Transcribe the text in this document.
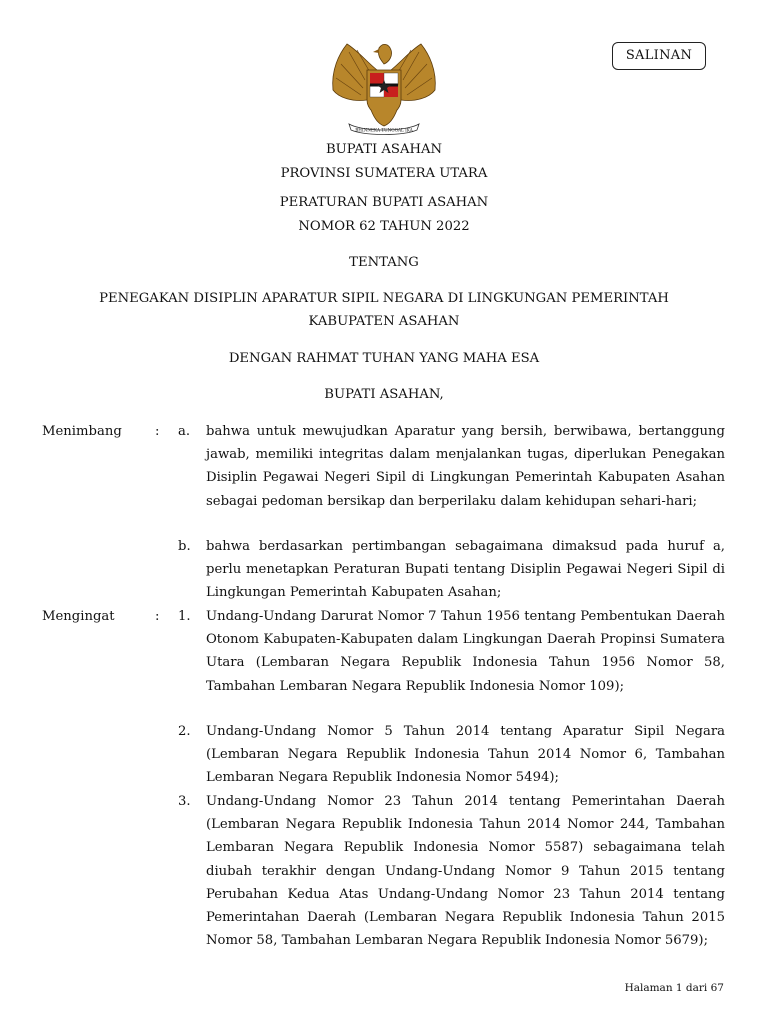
BHINNEKA TUNGGAL IKA
SALINAN
BUPATI ASAHAN
PROVINSI SUMATERA UTARA
PERATURAN BUPATI ASAHAN
NOMOR 62 TAHUN 2022
TENTANG
PENEGAKAN DISIPLIN APARATUR SIPIL NEGARA DI LINGKUNGAN PEMERINTAH
KABUPATEN ASAHAN
DENGAN RAHMAT TUHAN YANG MAHA ESA
BUPATI ASAHAN,
Menimbang	: a. bahwa untuk mewujudkan Aparatur yang bersih, berwibawa, bertanggung jawab, memiliki integritas dalam menjalankan tugas, diperlukan Penegakan Disiplin Pegawai Negeri Sipil di Lingkungan Pemerintah Kabupaten Asahan sebagai pedoman bersikap dan berperilaku dalam kehidupan sehari-hari;

b. bahwa berdasarkan pertimbangan sebagaimana dimaksud pada huruf a, perlu menetapkan Peraturan Bupati tentang Disiplin Pegawai Negeri Sipil di Lingkungan Pemerintah Kabupaten Asahan;

Mengingat	: 1. Undang-Undang Darurat Nomor 7 Tahun 1956 tentang Pembentukan Daerah Otonom Kabupaten-Kabupaten dalam Lingkungan Daerah Propinsi Sumatera Utara (Lembaran Negara Republik Indonesia Tahun 1956 Nomor 58, Tambahan Lembaran Negara Republik Indonesia Nomor 109);

2. Undang-Undang Nomor 5 Tahun 2014 tentang Aparatur Sipil Negara (Lembaran Negara Republik Indonesia Tahun 2014 Nomor 6, Tambahan Lembaran Negara Republik Indonesia Nomor 5494);

3. Undang-Undang Nomor 23 Tahun 2014 tentang Pemerintahan Daerah (Lembaran Negara Republik Indonesia Tahun 2014 Nomor 244, Tambahan Lembaran Negara Republik Indonesia Nomor 5587) sebagaimana telah diubah terakhir dengan Undang-Undang Nomor 9 Tahun 2015 tentang Perubahan Kedua Atas Undang-Undang Nomor 23 Tahun 2014 tentang Pemerintahan Daerah (Lembaran Negara Republik Indonesia Tahun 2015 Nomor 58, Tambahan Lembaran Negara Republik Indonesia Nomor 5679);

Halaman 1 dari 67
